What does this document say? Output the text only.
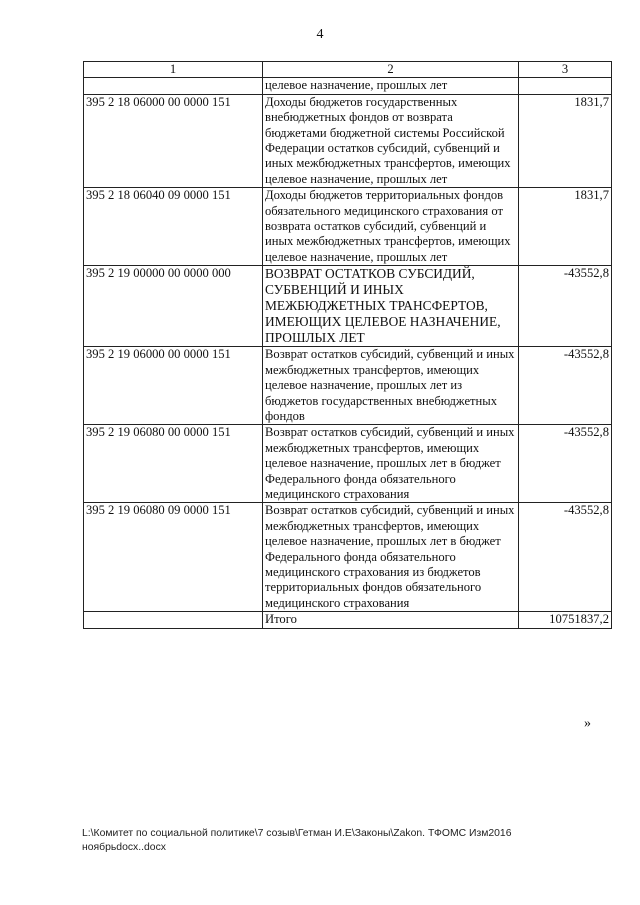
4
1	2	3
	целевое назначение, прошлых лет	
395 2 18 06000 00 0000 151	Доходы бюджетов государственных внебюджетных фондов от возврата бюджетами бюджетной системы Российской Федерации остатков субсидий, субвенций и иных межбюджетных трансфертов, имеющих целевое назначение, прошлых лет	1831,7
395 2 18 06040 09 0000 151	Доходы бюджетов территориальных фондов обязательного медицинского страхования от возврата остатков субсидий, субвенций и иных межбюджетных трансфертов, имеющих целевое назначение, прошлых лет	1831,7
395 2 19 00000 00 0000 000	ВОЗВРАТ ОСТАТКОВ СУБСИДИЙ, СУБВЕНЦИЙ И ИНЫХ МЕЖБЮДЖЕТНЫХ ТРАНСФЕРТОВ, ИМЕЮЩИХ ЦЕЛЕВОЕ НАЗНАЧЕНИЕ, ПРОШЛЫХ ЛЕТ	-43552,8
395 2 19 06000 00 0000 151	Возврат остатков субсидий, субвенций и иных межбюджетных трансфертов, имеющих целевое назначение, прошлых лет из бюджетов государственных внебюджетных фондов	-43552,8
395 2 19 06080 00 0000 151	Возврат остатков субсидий, субвенций и иных межбюджетных трансфертов, имеющих целевое назначение, прошлых лет в бюджет Федерального фонда обязательного медицинского страхования	-43552,8
395 2 19 06080 09 0000 151	Возврат остатков субсидий, субвенций и иных межбюджетных трансфертов, имеющих целевое назначение, прошлых лет в бюджет Федерального фонда обязательного медицинского страхования из бюджетов территориальных фондов обязательного медицинского страхования	-43552,8
	Итого	10751837,2
»
L:\Комитет по социальной политике\7 созыв\Гетман И.Е\Законы\Zakon. ТФОМС Изм2016
ноябрьdocx..docx
